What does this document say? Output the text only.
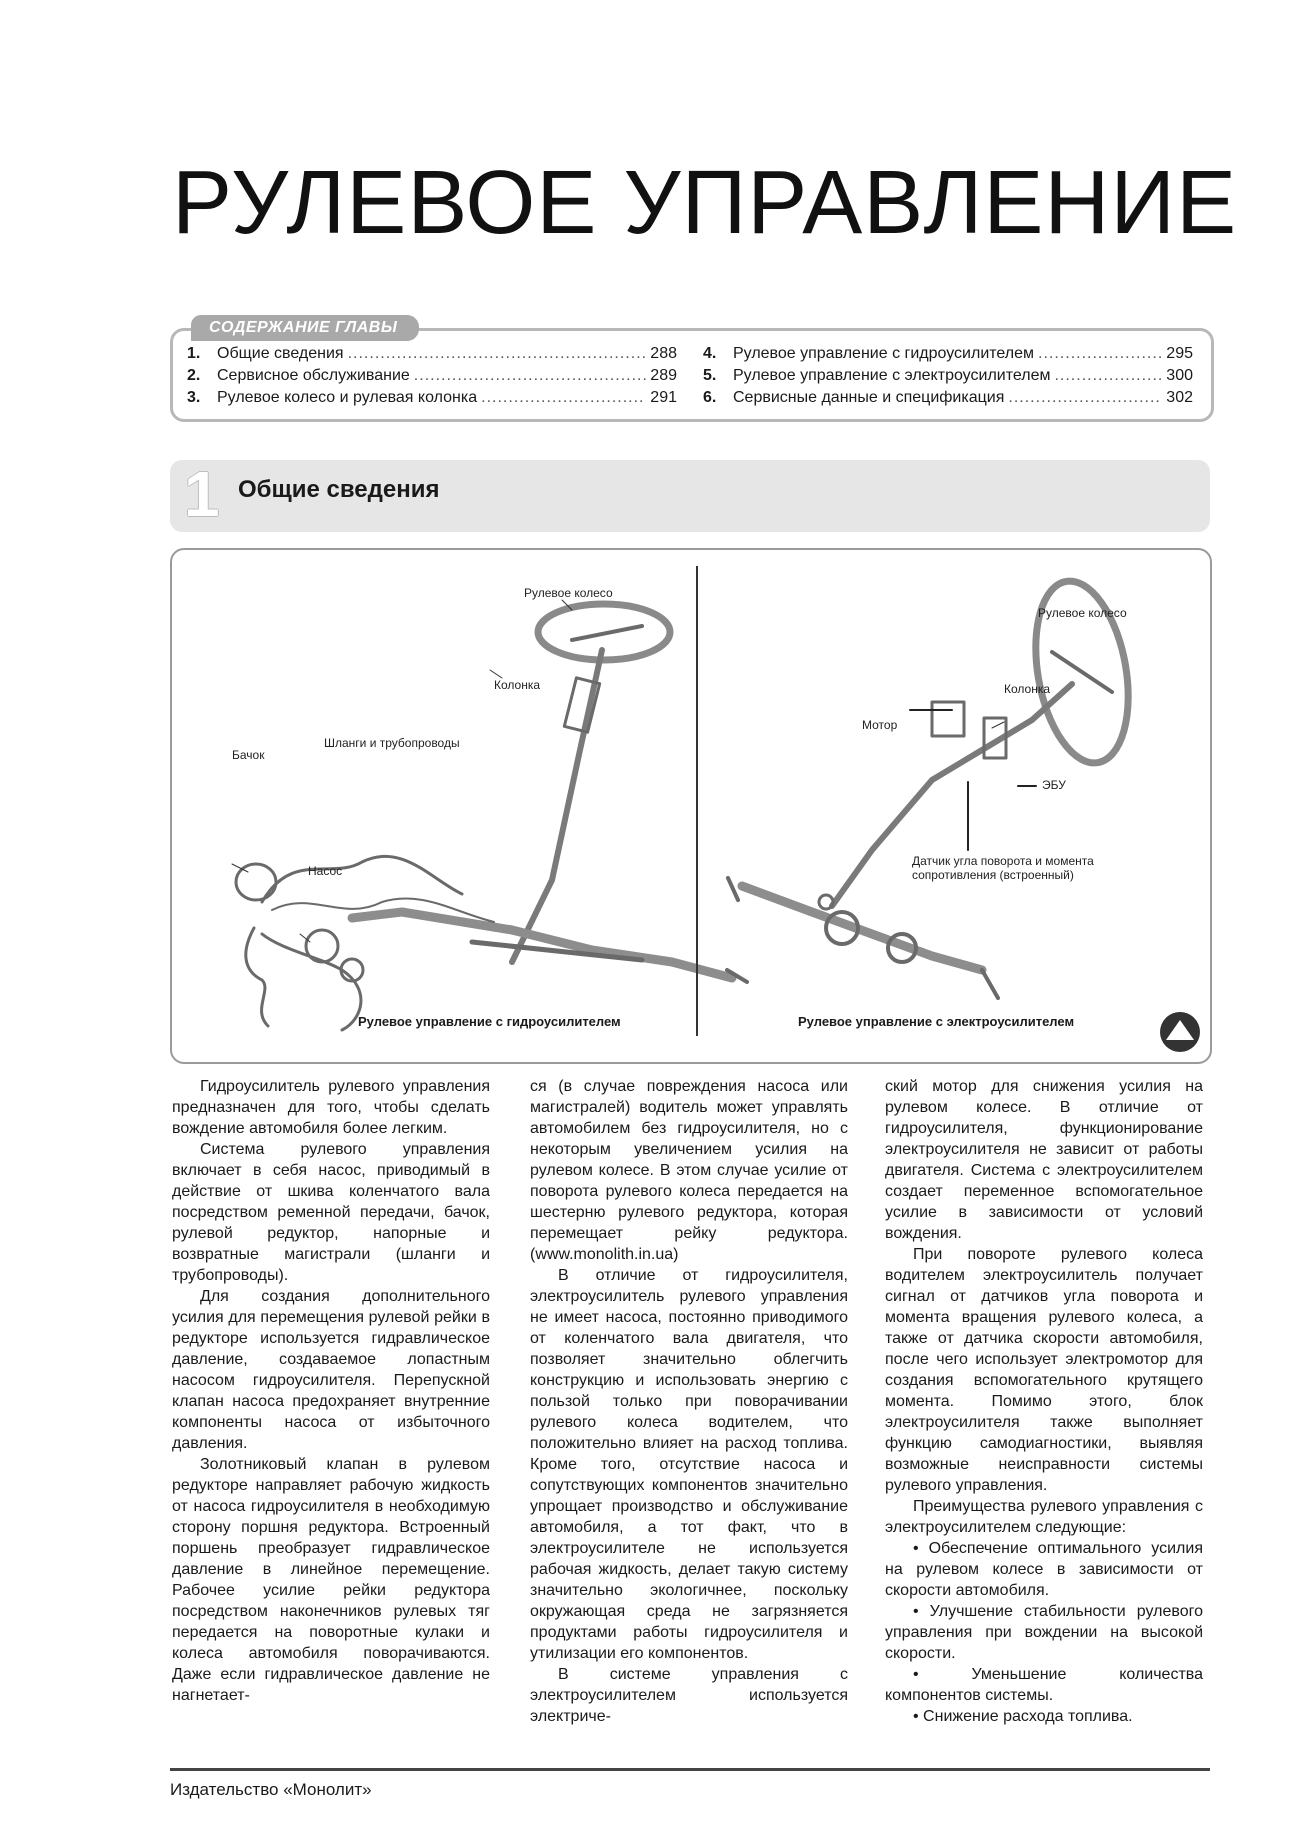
РУЛЕВОЕ УПРАВЛЕНИЕ
СОДЕРЖАНИЕ ГЛАВЫ
1.	Общие сведения .....	288
2.	Сервисное обслуживание .....	289
3.	Рулевое колесо и рулевая колонка .....	291
4.	Рулевое управление с гидроусилителем .....	295
5.	Рулевое управление с электроусилителем .....	300
6.	Сервисные данные и спецификация .....	302
1 Общие сведения
Рулевое колесо
Колонка
Шланги и трубопроводы
Бачок
Насос
Рулевое управление с гидроусилителем
Рулевое колесо
Колонка
Мотор
ЭБУ
Датчик угла поворота и момента
сопротивления (встроенный)
Рулевое управление с электроусилителем

Гидроусилитель рулевого управления предназначен для того, чтобы сделать вождение автомобиля более легким.

Система рулевого управления включает в себя насос, приводимый в действие от шкива коленчатого вала посредством ременной передачи, бачок, рулевой редуктор, напорные и возвратные магистрали (шланги и трубопроводы).

Для создания дополнительного усилия для перемещения рулевой рейки в редукторе используется гидравлическое давление, создаваемое лопастным насосом гидроусилителя. Перепускной клапан насоса предохраняет внутренние компоненты насоса от избыточного давления.

Золотниковый клапан в рулевом редукторе направляет рабочую жидкость от насоса гидроусилителя в необходимую сторону поршня редуктора. Встроенный поршень преобразует гидравлическое давление в линейное перемещение. Рабочее усилие рейки редуктора посредством наконечников рулевых тяг передается на поворотные кулаки и колеса автомобиля поворачиваются. Даже если гидравлическое давление не нагнетает-

ся (в случае повреждения насоса или магистралей) водитель может управлять автомобилем без гидроусилителя, но с некоторым увеличением усилия на рулевом колесе. В этом случае усилие от поворота рулевого колеса передается на шестерню рулевого редуктора, которая перемещает рейку редуктора. (www.monolith.in.ua)

В отличие от гидроусилителя, электроусилитель рулевого управления не имеет насоса, постоянно приводимого от коленчатого вала двигателя, что позволяет значительно облегчить конструкцию и использовать энергию с пользой только при поворачивании рулевого колеса водителем, что положительно влияет на расход топлива. Кроме того, отсутствие насоса и сопутствующих компонентов значительно упрощает производство и обслуживание автомобиля, а тот факт, что в электроусилителе не используется рабочая жидкость, делает такую систему значительно экологичнее, поскольку окружающая среда не загрязняется продуктами работы гидроусилителя и утилизации его компонентов.

В системе управления с электроусилителем используется электриче-

ский мотор для снижения усилия на рулевом колесе. В отличие от гидроусилителя, функционирование электроусилителя не зависит от работы двигателя. Система с электроусилителем создает переменное вспомогательное усилие в зависимости от условий вождения.

При повороте рулевого колеса водителем электроусилитель получает сигнал от датчиков угла поворота и момента вращения рулевого колеса, а также от датчика скорости автомобиля, после чего использует электромотор для создания вспомогательного крутящего момента. Помимо этого, блок электроусилителя также выполняет функцию самодиагностики, выявляя возможные неисправности системы рулевого управления.

Преимущества рулевого управления с электроусилителем следующие:

• Обеспечение оптимального усилия на рулевом колесе в зависимости от скорости автомобиля.

• Улучшение стабильности рулевого управления при вождении на высокой скорости.

• Уменьшение количества компонентов системы.

• Снижение расхода топлива.

Издательство «Монолит»
